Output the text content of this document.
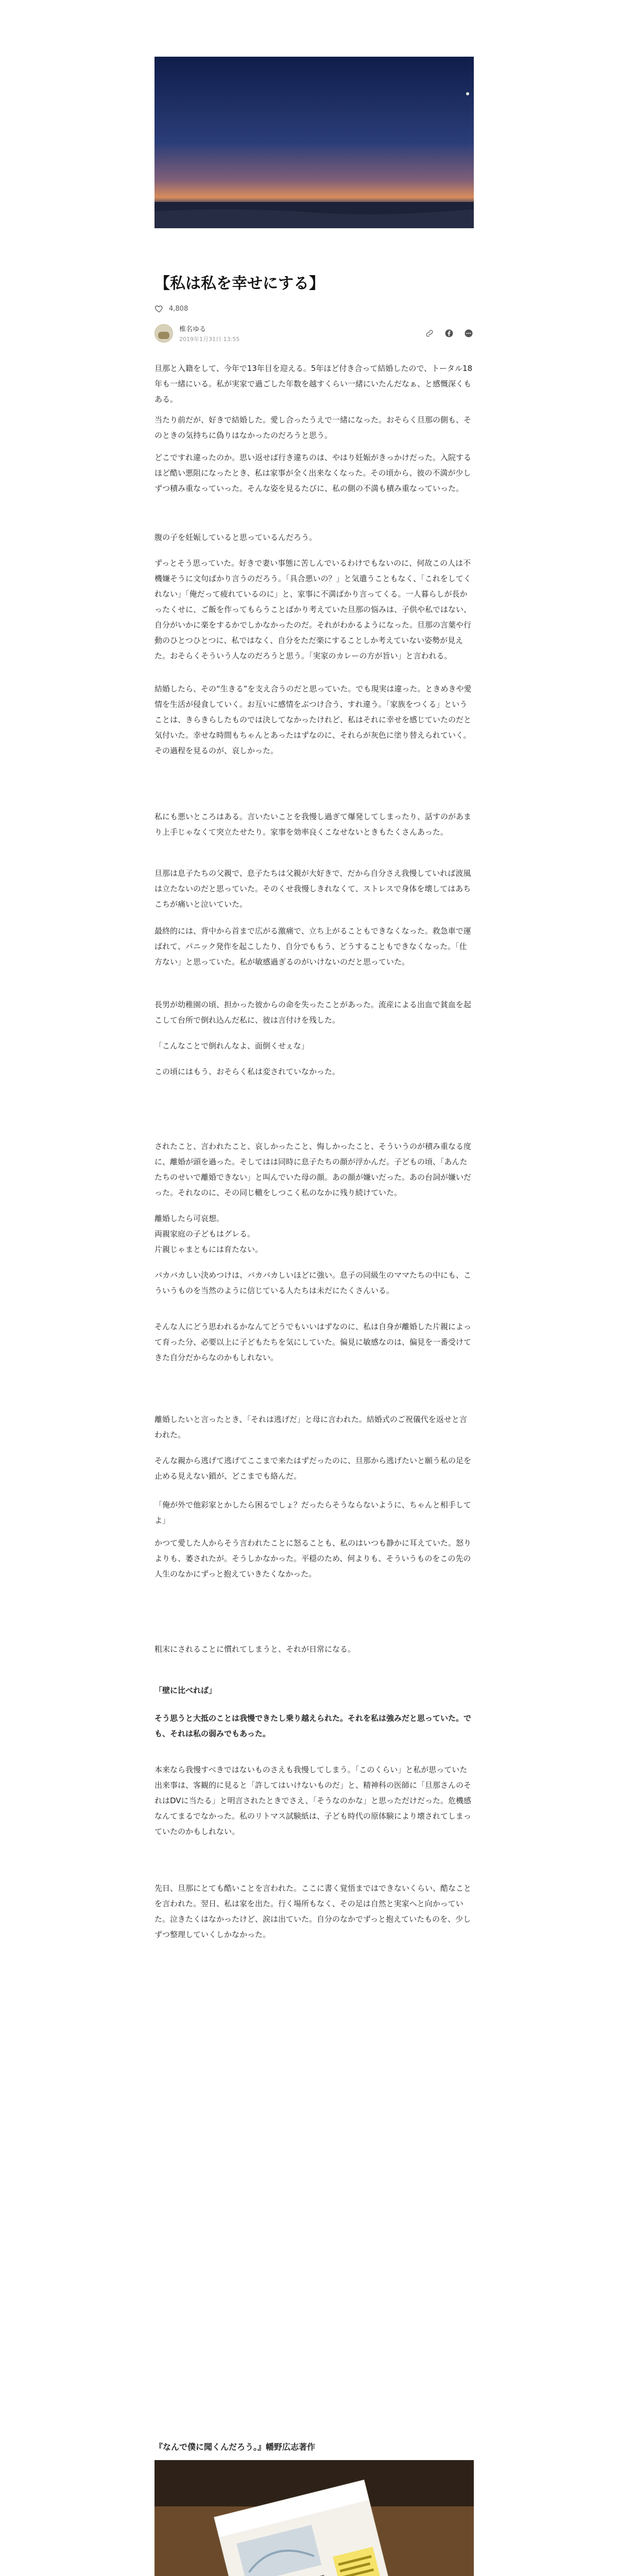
【私は私を幸せにする】
4,808
椎名ゆる
2019年1月31日 13:55

旦那と入籍をして、今年で13年目を迎える。5年ほど付き合って結婚したので、トータル18年も一緒にいる。私が実家で過ごした年数を越すくらい一緒にいたんだなぁ、と感慨深くもある。

当たり前だが、好きで結婚した。愛し合ったうえで一緒になった。おそらく旦那の側も、そのときの気持ちに偽りはなかったのだろうと思う。

どこですれ違ったのか。思い返せば行き違ちのは、やはり妊娠がきっかけだった。入院するほど酷い悪阻になったとき、私は家事が全く出来なくなった。その頃から、彼の不満が少しずつ積み重なっていった。そんな姿を見るたびに、私の側の不満も積み重なっていった。

腹の子を妊娠していると思っているんだろう。

ずっとそう思っていた。好きで妻い事態に苦しんでいるわけでもないのに、何故この人は不機嫌そうに文句ばかり言うのだろう。「具合悪いの？」と気遣うこともなく、「これをしてくれない」「俺だって疲れているのに」と、家事に不満ばかり言ってくる。一人暮らしが長かったくせに、ご飯を作ってもらうことばかり考えていた旦那の悩みは、子供や私ではない、自分がいかに楽をするかでしかなかったのだ。それがわかるようになった。旦那の言葉や行動のひとつひとつに、私ではなく、自分をただ楽にすることしか考えていない姿勢が見えた。おそらくそういう人なのだろうと思う。「実家のカレーの方が旨い」と言われる。

結婚したら、その“生きる”を支え合うのだと思っていた。でも現実は違った。ときめきや愛情を生活が侵食していく。お互いに感情をぶつけ合う、すれ違う。「家族をつくる」ということは、きらきらしたものでは決してなかったけれど、私はそれに幸せを感じていたのだと気付いた。幸せな時間もちゃんとあったはずなのに、それらが灰色に塗り替えられていく。その過程を見るのが、哀しかった。

私にも悪いところはある。言いたいことを我慢し過ぎて爆発してしまったり、話すのがあまり上手じゃなくて突立たせたり。家事を効率良くこなせないときもたくさんあった。

旦那は息子たちの父親で、息子たちは父親が大好きで、だから自分さえ我慢していれば波風は立たないのだと思っていた。そのくせ我慢しきれなくて、ストレスで身体を壊してはあちこちが痛いと泣いていた。

最終的には、背中から首まで広がる激痛で、立ち上がることもできなくなった。救急車で運ばれて、パニック発作を起こしたり、自分でももう、どうすることもできなくなった。「仕方ない」と思っていた。私が敏感過ぎるのがいけないのだと思っていた。

長男が幼稚園の頃、担かった彼からの命を失ったことがあった。流産による出血で貧血を起こして台所で倒れ込んだ私に、彼は言付けを残した。

「こんなことで倒れんなよ、面倒くせぇな」

この頃にはもう、おそらく私は変されていなかった。

されたこと、言われたこと、哀しかったこと、悔しかったこと、そういうのが積み重なる度に、離婚が頭を過った。そしてはは同時に息子たちの顔が浮かんだ。子どもの頃、「あんたたちのせいで離婚できない」と叫んでいた母の顔。あの顔が嫌いだった。あの台詞が嫌いだった。それなのに、その同じ轍をしつこく私のなかに残り続けていた。

離婚したら可哀想。

両親家庭の子どもはグレる。

片親じゃまともには育たない。

バカバカしい決めつけは、バカバカしいほどに強い。息子の同級生のママたちの中にも、こういうものを当然のように信じている人たちは未だにたくさんいる。

そんな人にどう思われるかなんてどうでもいいはずなのに、私は自身が離婚した片親によって育った分、必要以上に子どもたちを気にしていた。偏見に敏感なのは、偏見を一番受けてきた自分だからなのかもしれない。

離婚したいと言ったとき、「それは逃げだ」と母に言われた。結婚式のご祝儀代を返せと言われた。

そんな親から逃げて逃げてここまで来たはずだったのに、旦那から逃げたいと願う私の足を止める見えない鎖が、どこまでも絡んだ。

「俺が外で他彩家とかしたら困るでしょ？だったらそうならないように、ちゃんと相手してよ」

かつて愛した人からそう言われたことに怒ることも、私のはいつも静かに耳えていた。怒りよりも、萎されたが。そうしかなかった。平穏のため、何よりも、そういうものをこの先の人生のなかにずっと抱えていきたくなかった。

粗末にされることに慣れてしまうと、それが日常になる。

「壁に比べれば」

そう思うと大抵のことは我慢できたし乗り越えられた。それを私は強みだと思っていた。でも、それは私の弱みでもあった。

本来なら我慢すべきではないものさえも我慢してしまう。「このくらい」と私が思っていた出来事は、客観的に見ると「許してはいけないものだ」と、精神科の医師に「旦那さんのそれはDVに当たる」と明言されたときでさえ、「そうなのかな」と思っただけだった。危機感なんてまるでなかった。私のリトマス試験紙は、子ども時代の原体験により壊されてしまっていたのかもしれない。

先日、旦那にとても酷いことを言われた。ここに書く覚悟まではできないくらい、酷なことを言われた。翌日、私は家を出た。行く場所もなく、その足は自然と実家へと向かっていた。泣きたくはなかったけど、涙は出ていた。自分のなかでずっと抱えていたものを、少しずつ整理していくしかなかった。

『なんで僕に聞くんだろう。』幡野広志著作
